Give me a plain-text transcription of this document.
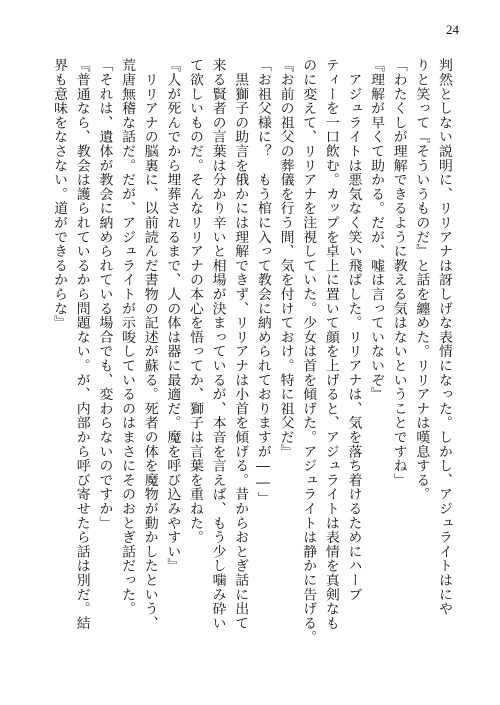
24
判然としない説明に、リリアナは訝しげな表情になった。しかし、アジュライトはにや
りと笑って『そういうものだ』と話を纏めた。リリアナは嘆息する。
「わたくしが理解できるように教える気はないということですね」
『理解が早くて助かる。だが、嘘は言っていないぞ』
　アジュライトは悪気なく笑い飛ばした。リリアナは、気を落ち着けるためにハーブ
ティーを一口飲む。カップを卓上に置いて顔を上げると、アジュライトは表情を真剣なも
のに変えて、リリアナを注視していた。少女は首を傾げた。アジュライトは静かに告げる。
『お前の祖父の葬儀を行う間、気を付けておけ。特に祖父だ』
「お祖父様に？　もう棺に入って教会に納められておりますが――」
　黒獅子の助言を俄かには理解できず、リリアナは小首を傾げる。昔からおとぎ話に出て
来る賢者の言葉は分かり辛いと相場が決まっているが、本音を言えば、もう少し噛み砕い
て欲しいものだ。そんなリリアナの本心を悟ってか、獅子は言葉を重ねた。
『人が死んでから埋葬されるまで、人の体は器に最適だ。魔を呼び込みやすい』
　リリアナの脳裏に、以前読んだ書物の記述が蘇る。死者の体を魔物が動かしたという、
荒唐無稽な話だ。だが、アジュライトが示唆しているのはまさにそのおとぎ話だった。
「それは、遺体が教会に納められている場合でも、変わらないのですか」
『普通なら、教会は護られているから問題ない。が、内部から呼び寄せたら話は別だ。結
界も意味をなさない。道ができるからな』
